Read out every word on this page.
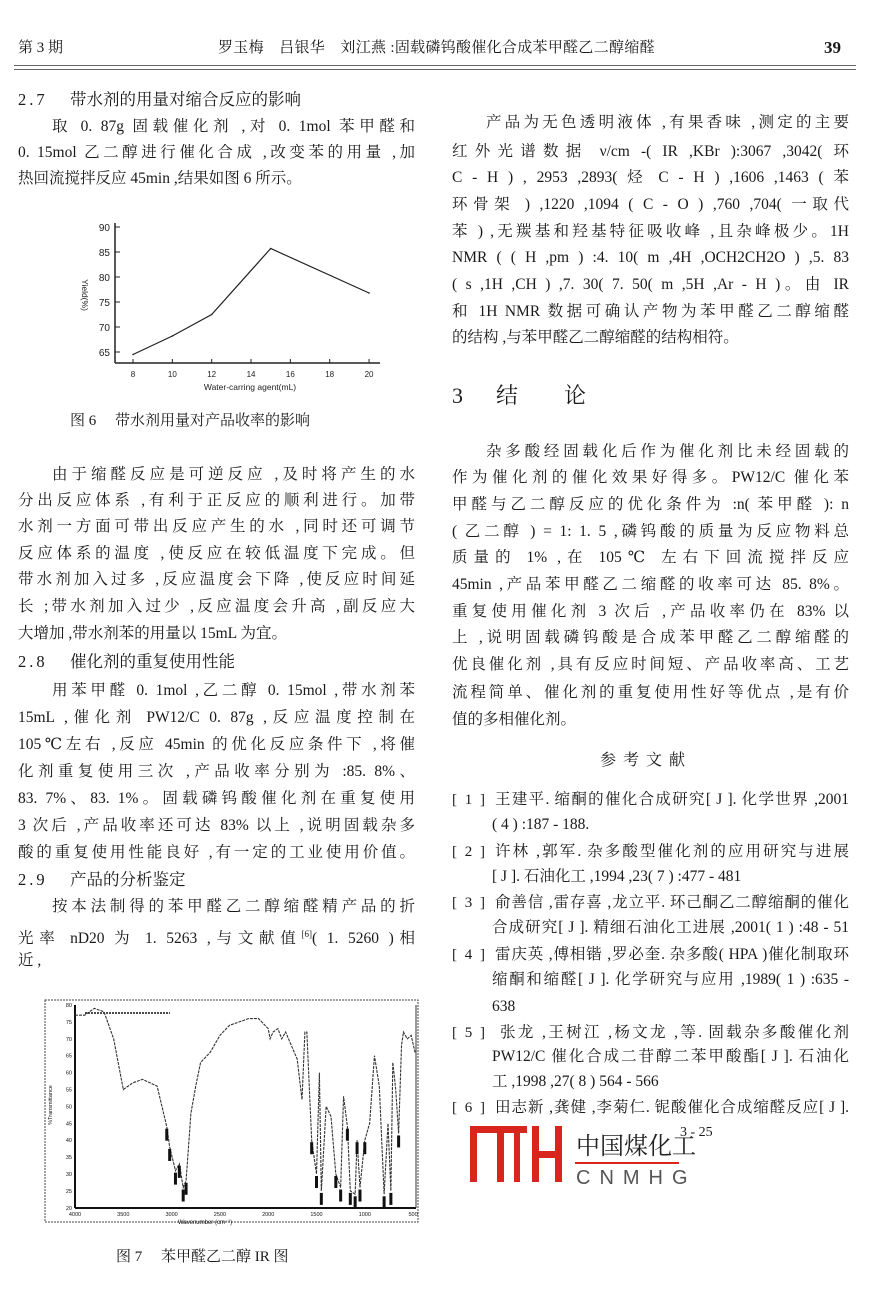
第 3 期	罗玉梅　吕银华　刘江燕 :固载磷钨酸催化合成苯甲醛乙二醇缩醛	39
2.7 带水剂的用量对缩合反应的影响
取 0. 87g 固载催化剂 ,对 0. 1mol 苯甲醛和
0. 15mol 乙二醇进行催化合成 ,改变苯的用量 ,加
热回流搅拌反应 45min ,结果如图 6 所示。
65
70
75
80
85
90
8	10	12	14	16	18	20
Water-carring agent(mL)
Yield(%)
图 6　 带水剂用量对产品收率的影响
由于缩醛反应是可逆反应 ,及时将产生的水
分出反应体系 ,有利于正反应的顺利进行。加带
水剂一方面可带出反应产生的水 ,同时还可调节
反应体系的温度 ,使反应在较低温度下完成。但
带水剂加入过多 ,反应温度会下降 ,使反应时间延
长 ;带水剂加入过少 ,反应温度会升高 ,副反应大
大增加 ,带水剂苯的用量以 15mL 为宜。
2.8 催化剂的重复使用性能
用苯甲醛 0. 1mol ,乙二醇 0. 15mol ,带水剂苯
15mL ,催化剂 PW12/C 0. 87g ,反应温度控制在
105℃左右 ,反应 45min 的优化反应条件下 ,将催
化剂重复使用三次 ,产品收率分别为 :85. 8%、
83. 7%、83. 1%。固载磷钨酸催化剂在重复使用
3 次后 ,产品收率还可达 83% 以上 ,说明固载杂多
酸的重复使用性能良好 ,有一定的工业使用价值。
2.9 产品的分析鉴定
按本法制得的苯甲醛乙二醇缩醛精产品的折
光率 nD20 为 1. 5263 ,与文献值[6]( 1. 5260 )相
近 ,
20
25
30
35
40
45
50
55
60
65
70
75
80
4000	3500	3000	2500	2000	1500	1000	500
Wavenumber (cm⁻¹)
%Transmittance
图 7　 苯甲醛乙二醇 IR 图
产品为无色透明液体 ,有果香味 ,测定的主要
红外光谱数据 ν/cm -( IR ,KBr ):3067 ,3042( 环
C - H ) , 2953 ,2893( 烃 C - H ) ,1606 ,1463 ( 苯
环骨架 ) ,1220 ,1094 ( C - O ) ,760 ,704( 一取代
苯 ) ,无羰基和羟基特征吸收峰 ,且杂峰极少。1H
NMR ( ( H ,pm ) :4. 10( m ,4H ,OCH2CH2O ) ,5. 83
( s ,1H ,CH ) ,7. 30( 7. 50( m ,5H ,Ar - H )。由 IR
和 1H NMR 数据可确认产物为苯甲醛乙二醇缩醛
的结构 ,与苯甲醛乙二醇缩醛的结构相符。
3 结　论
杂多酸经固载化后作为催化剂比未经固载的
作为催化剂的催化效果好得多。PW12/C 催化苯
甲醛与乙二醇反应的优化条件为 :n( 苯甲醛 ): n
( 乙二醇 ) = 1: 1. 5 ,磷钨酸的质量为反应物料总
质量的 1% ,在 105℃ 左右下回流搅拌反应
45min ,产品苯甲醛乙二缩醛的收率可达 85. 8%。
重复使用催化剂 3 次后 ,产品收率仍在 83% 以
上 ,说明固载磷钨酸是合成苯甲醛乙二醇缩醛的
优良催化剂 ,具有反应时间短、产品收率高、工艺
流程简单、催化剂的重复使用性好等优点 ,是有价
值的多相催化剂。
参考文献
[ 1 ] 王建平. 缩酮的催化合成研究[ J ]. 化学世界 ,2001
( 4 ) :187 - 188.
[ 2 ] 许林 ,郭军. 杂多酸型催化剂的应用研究与进展
[ J ]. 石油化工 ,1994 ,23( 7 ) :477 - 481
[ 3 ] 俞善信 ,雷存喜 ,龙立平. 环己酮乙二醇缩酮的催化
合成研究[ J ]. 精细石油化工进展 ,2001( 1 ) :48 - 51
[ 4 ] 雷庆英 ,傅相锴 ,罗必奎. 杂多酸( HPA )催化制取环
缩酮和缩醛[ J ]. 化学研究与应用 ,1989( 1 ) :635 -
638
[ 5 ] 张龙 ,王树江 ,杨文龙 ,等. 固载杂多酸催化剂
PW12/C 催化合成二苷醇二苯甲酸酯[ J ]. 石油化
工 ,1998 ,27( 8 ) 564 - 566
[ 6 ] 田志新 ,龚健 ,李菊仁. 铌酸催化合成缩醛反应[ J ].
3 - 25
中国煤化工
CNMHG
